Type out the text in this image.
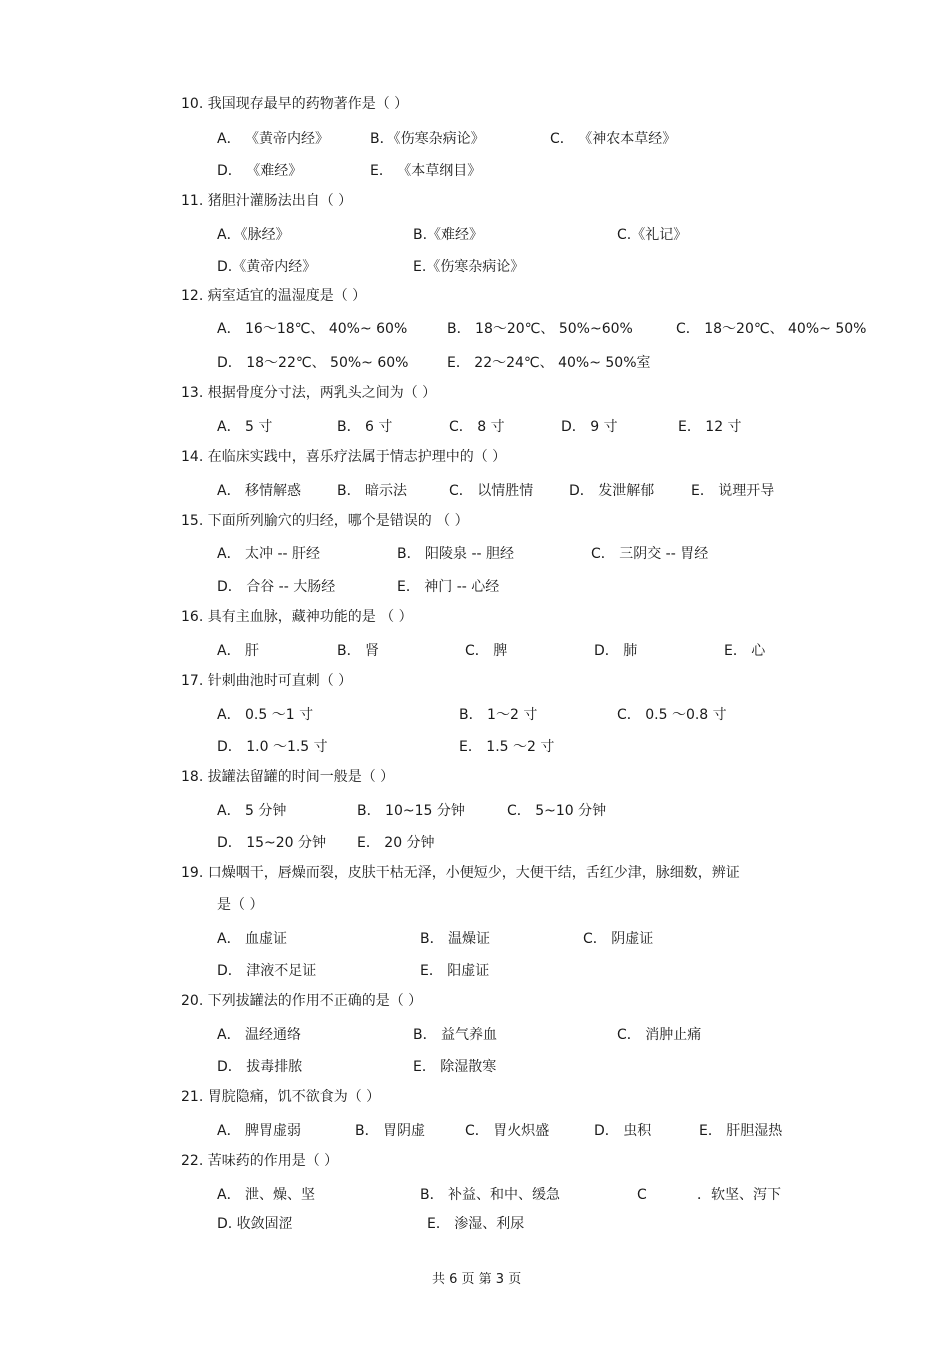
10. 我国现存最早的药物著作是（ ）
A． 《黄帝内经》	B．《伤寒杂病论》	C． 《神农本草经》
D． 《难经》	E． 《本草纲目》
11. 猪胆汁灌肠法出自（ ）
A．《脉经》	B.《难经》	C.《礼记》
D.《黄帝内经》	E.《伤寒杂病论》
12. 病室适宜的温湿度是（ ）
A． 16～18℃、 40%~ 60%	B． 18～20℃、 50%~60%	C． 18～20℃、 40%~ 50%
D． 18～22℃、 50%~ 60%	E． 22～24℃、 40%~ 50%室
13. 根据骨度分寸法，两乳头之间为（ ）
A． 5 寸	B． 6 寸	C． 8 寸	D． 9 寸	E． 12 寸
14. 在临床实践中，喜乐疗法属于情志护理中的（ ）
A． 移情解惑	B． 暗示法	C． 以情胜情	D． 发泄解郁	E． 说理开导
15. 下面所列腧穴的归经，哪个是错误的 （ ）
A． 太冲 -- 肝经	B． 阳陵泉 -- 胆经	C． 三阴交 -- 胃经
D． 合谷 -- 大肠经	E． 神门 -- 心经
16. 具有主血脉，藏神功能的是 （ ）
A． 肝	B． 肾	C． 脾	D． 肺	E． 心
17. 针刺曲池时可直刺（ ）
A． 0.5 ～1 寸	B． 1～2 寸	C． 0.5 ～0.8 寸
D． 1.0 ～1.5 寸	E． 1.5 ～2 寸
18. 拔罐法留罐的时间一般是（ ）
A． 5 分钟	B． 10~15 分钟	C． 5~10 分钟
D． 15~20 分钟 E． 20 分钟
19. 口燥咽干，唇燥而裂，皮肤干枯无泽，小便短少，大便干结，舌红少津，脉细数，辨证
是（ ）
A． 血虚证	B． 温燥证	C． 阴虚证
D． 津液不足证	E． 阳虚证
20. 下列拔罐法的作用不正确的是（ ）
A． 温经通络	B． 益气养血	C． 消肿止痛
D． 拔毒排脓	E． 除湿散寒
21. 胃脘隐痛，饥不欲食为（ ）
A． 脾胃虚弱	B． 胃阴虚	C． 胃火炽盛	D． 虫积	E． 肝胆湿热
22. 苦味药的作用是（ ）
A． 泄、燥、坚	B． 补益、和中、缓急	C	．软坚、泻下
D. 收敛固涩	E． 渗湿、利尿
共 6 页 第 3 页
